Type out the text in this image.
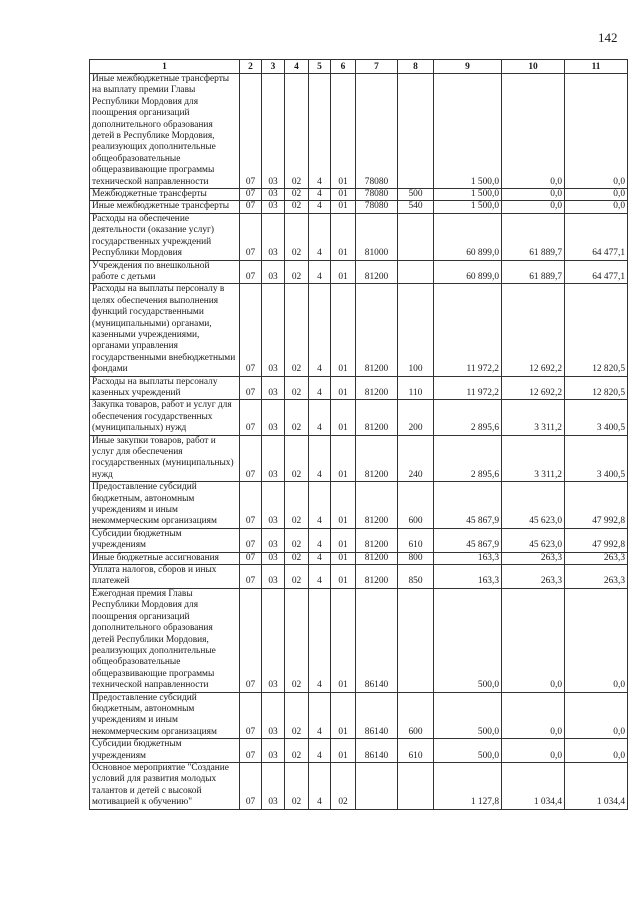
142
1	2	3	4	5	6	7	8	9	10	11
Иные межбюджетные трансферты на выплату премии Главы Республики Мордовия для поощрения организаций дополнительного образования детей в Республике Мордовия, реализующих дополнительные общеобразовательные общеразвивающие программы технической направленности	07	03	02	4	01	78080		1 500,0	0,0	0,0
Межбюджетные трансферты	07	03	02	4	01	78080	500	1 500,0	0,0	0,0
Иные межбюджетные трансферты	07	03	02	4	01	78080	540	1 500,0	0,0	0,0
Расходы на обеспечение деятельности (оказание услуг) государственных учреждений Республики Мордовия	07	03	02	4	01	81000		60 899,0	61 889,7	64 477,1
Учреждения по внешкольной работе с детьми	07	03	02	4	01	81200		60 899,0	61 889,7	64 477,1
Расходы на выплаты персоналу в целях обеспечения выполнения функций государственными (муниципальными) органами, казенными учреждениями, органами управления государственными внебюджетными фондами	07	03	02	4	01	81200	100	11 972,2	12 692,2	12 820,5
Расходы на выплаты персоналу казенных учреждений	07	03	02	4	01	81200	110	11 972,2	12 692,2	12 820,5
Закупка товаров, работ и услуг для обеспечения государственных (муниципальных) нужд	07	03	02	4	01	81200	200	2 895,6	3 311,2	3 400,5
Иные закупки товаров, работ и услуг для обеспечения государственных (муниципальных) нужд	07	03	02	4	01	81200	240	2 895,6	3 311,2	3 400,5
Предоставление субсидий бюджетным, автономным учреждениям и иным некоммерческим организациям	07	03	02	4	01	81200	600	45 867,9	45 623,0	47 992,8
Субсидии бюджетным учреждениям	07	03	02	4	01	81200	610	45 867,9	45 623,0	47 992,8
Иные бюджетные ассигнования	07	03	02	4	01	81200	800	163,3	263,3	263,3
Уплата налогов, сборов и иных платежей	07	03	02	4	01	81200	850	163,3	263,3	263,3
Ежегодная премия Главы Республики Мордовия для поощрения организаций дополнительного образования детей Республики Мордовия, реализующих дополнительные общеобразовательные общеразвивающие программы технической направленности	07	03	02	4	01	86140		500,0	0,0	0,0
Предоставление субсидий бюджетным, автономным учреждениям и иным некоммерческим организациям	07	03	02	4	01	86140	600	500,0	0,0	0,0
Субсидии бюджетным учреждениям	07	03	02	4	01	86140	610	500,0	0,0	0,0
Основное мероприятие "Создание условий для развития молодых талантов и детей с высокой мотивацией к обучению"	07	03	02	4	02			1 127,8	1 034,4	1 034,4
